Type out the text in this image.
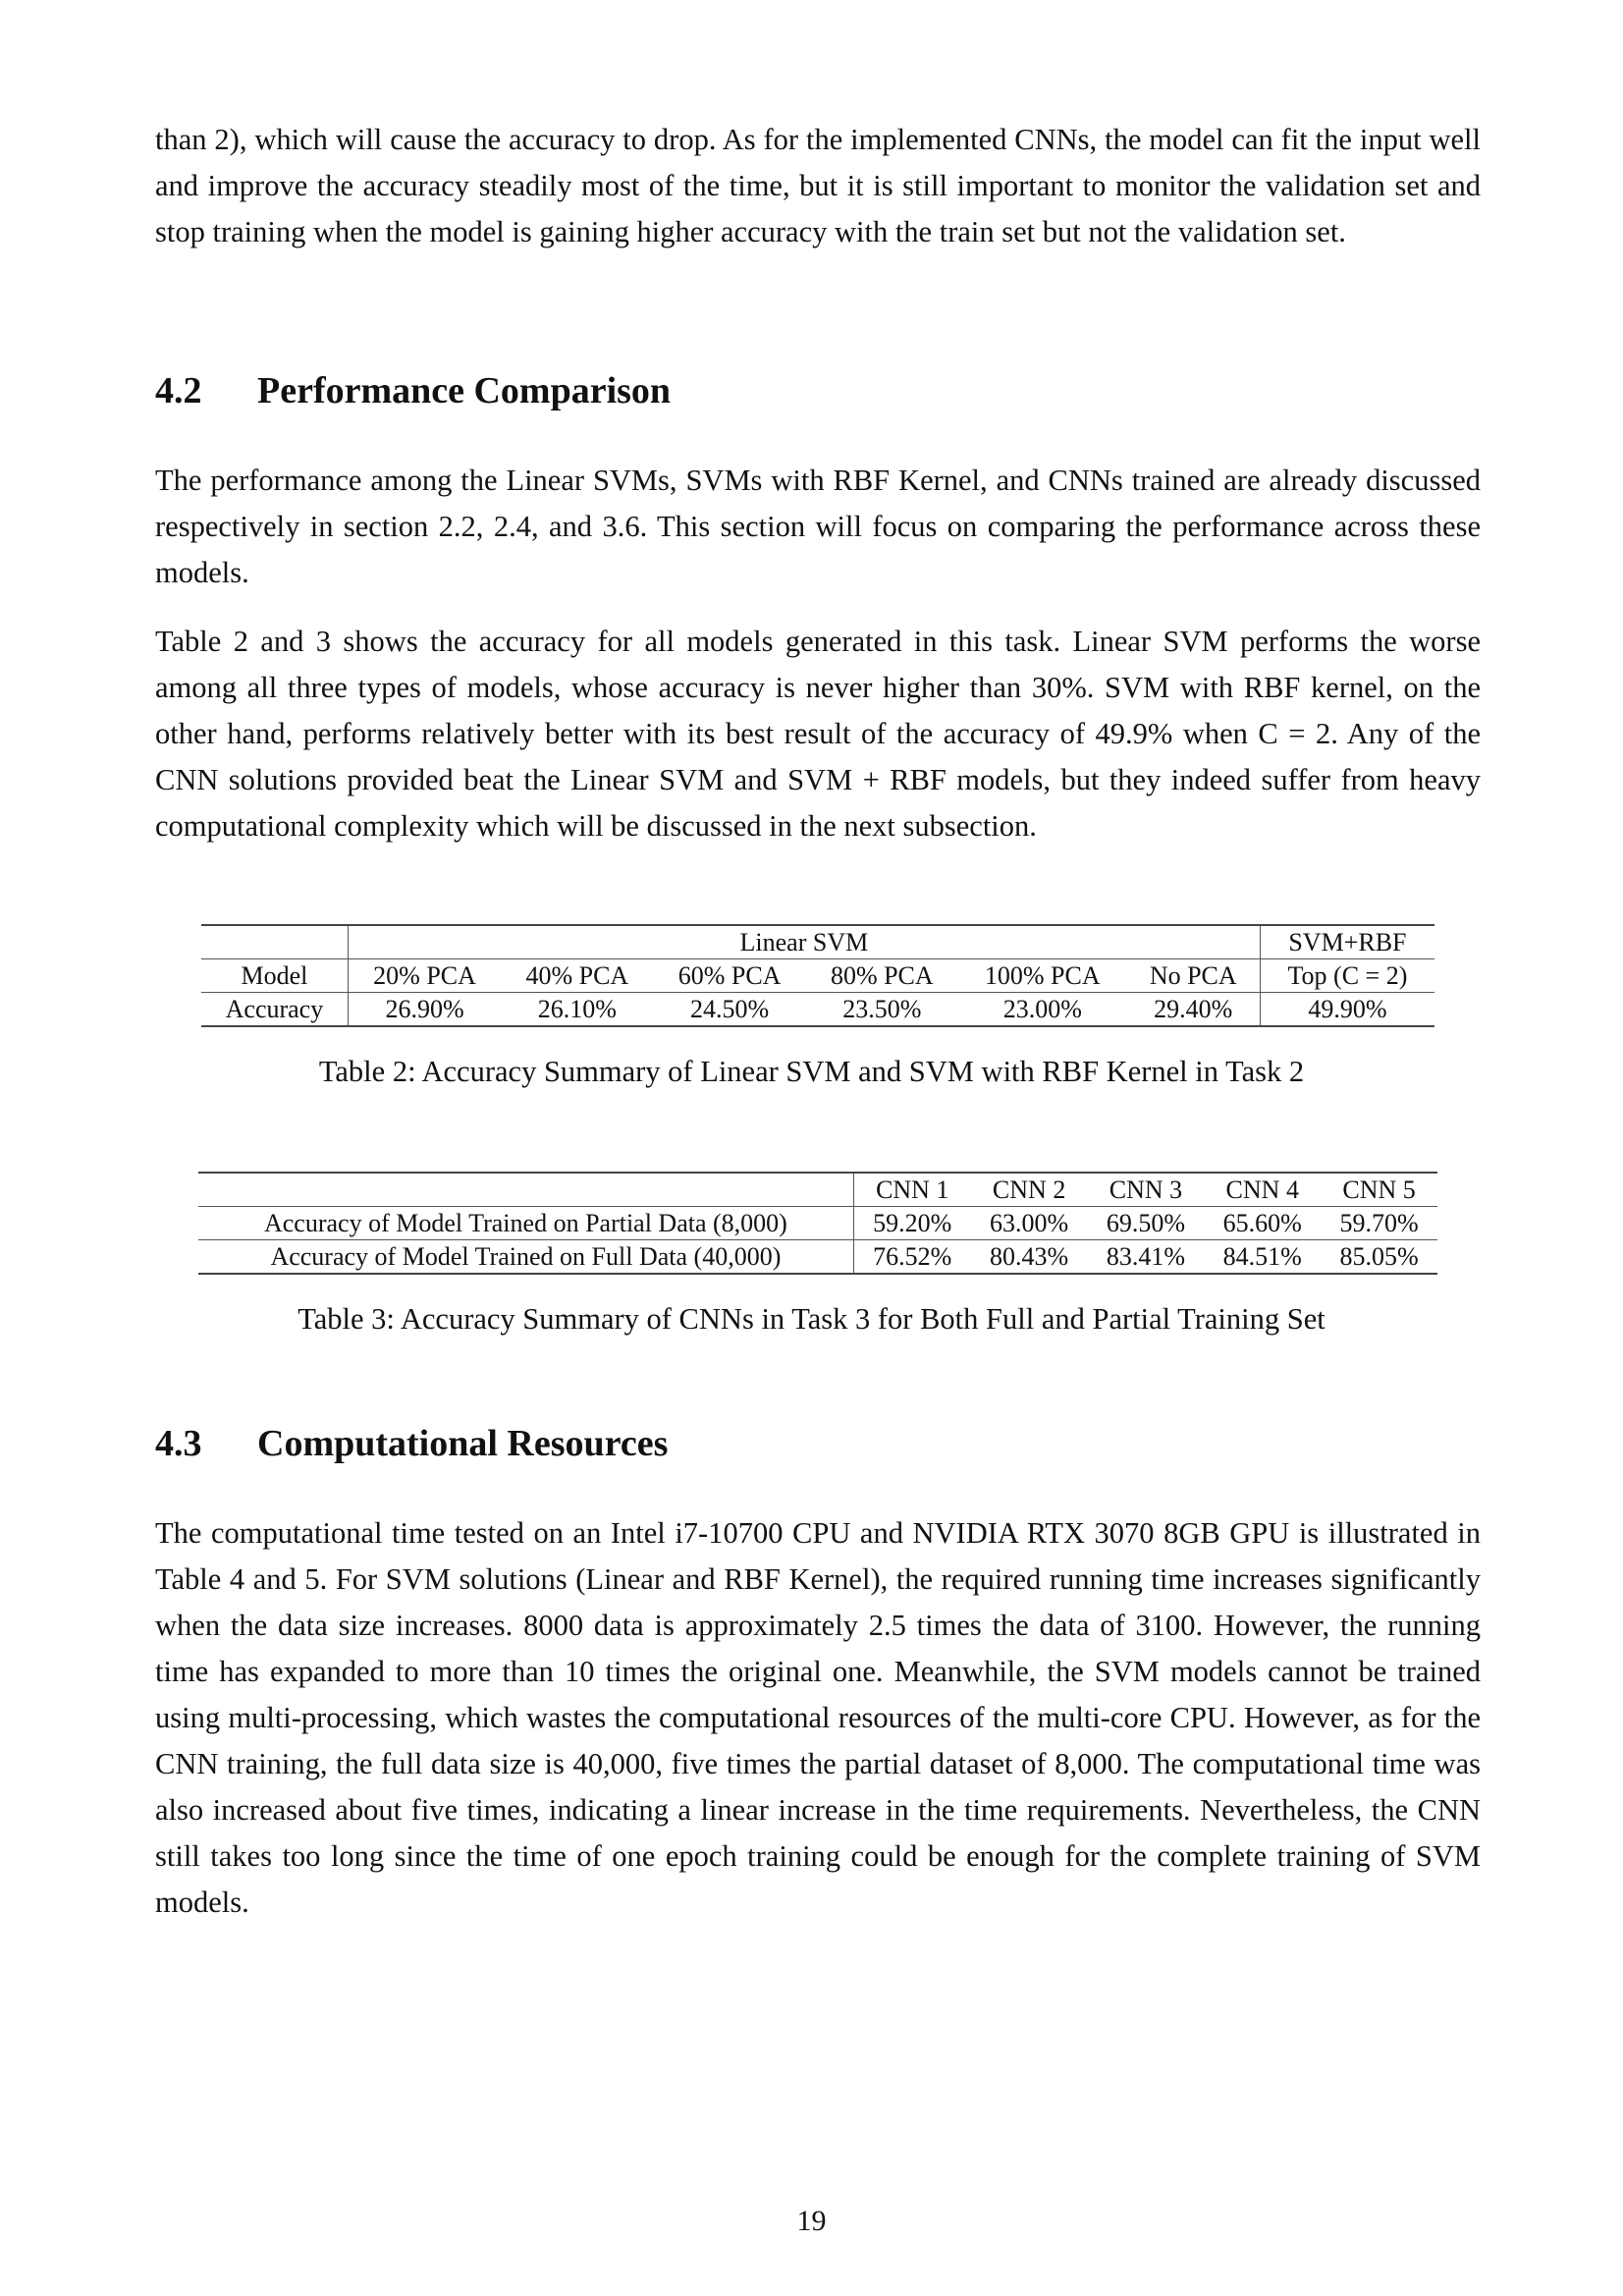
than 2), which will cause the accuracy to drop. As for the implemented CNNs, the model can fit the input well and improve the accuracy steadily most of the time, but it is still important to monitor the validation set and stop training when the model is gaining higher accuracy with the train set but not the validation set.

4.2 Performance Comparison

The performance among the Linear SVMs, SVMs with RBF Kernel, and CNNs trained are already discussed respectively in section 2.2, 2.4, and 3.6. This section will focus on comparing the performance across these models.

Table 2 and 3 shows the accuracy for all models generated in this task. Linear SVM performs the worse among all three types of models, whose accuracy is never higher than 30%. SVM with RBF kernel, on the other hand, performs relatively better with its best result of the accuracy of 49.9% when C = 2. Any of the CNN solutions provided beat the Linear SVM and SVM + RBF models, but they indeed suffer from heavy computational complexity which will be discussed in the next subsection.

	Linear SVM						SVM+RBF
Model	20% PCA	40% PCA	60% PCA	80% PCA	100% PCA	No PCA	Top (C = 2)
Accuracy	26.90%	26.10%	24.50%	23.50%	23.00%	29.40%	49.90%

Table 2: Accuracy Summary of Linear SVM and SVM with RBF Kernel in Task 2

	CNN 1	CNN 2	CNN 3	CNN 4	CNN 5
Accuracy of Model Trained on Partial Data (8,000)	59.20%	63.00%	69.50%	65.60%	59.70%
Accuracy of Model Trained on Full Data (40,000)	76.52%	80.43%	83.41%	84.51%	85.05%

Table 3: Accuracy Summary of CNNs in Task 3 for Both Full and Partial Training Set

4.3 Computational Resources

The computational time tested on an Intel i7-10700 CPU and NVIDIA RTX 3070 8GB GPU is illustrated in Table 4 and 5. For SVM solutions (Linear and RBF Kernel), the required running time increases significantly when the data size increases. 8000 data is approximately 2.5 times the data of 3100. However, the running time has expanded to more than 10 times the original one. Meanwhile, the SVM models cannot be trained using multi-processing, which wastes the computational resources of the multi-core CPU. However, as for the CNN training, the full data size is 40,000, five times the partial dataset of 8,000. The computational time was also increased about five times, indicating a linear increase in the time requirements. Nevertheless, the CNN still takes too long since the time of one epoch training could be enough for the complete training of SVM models.

19
